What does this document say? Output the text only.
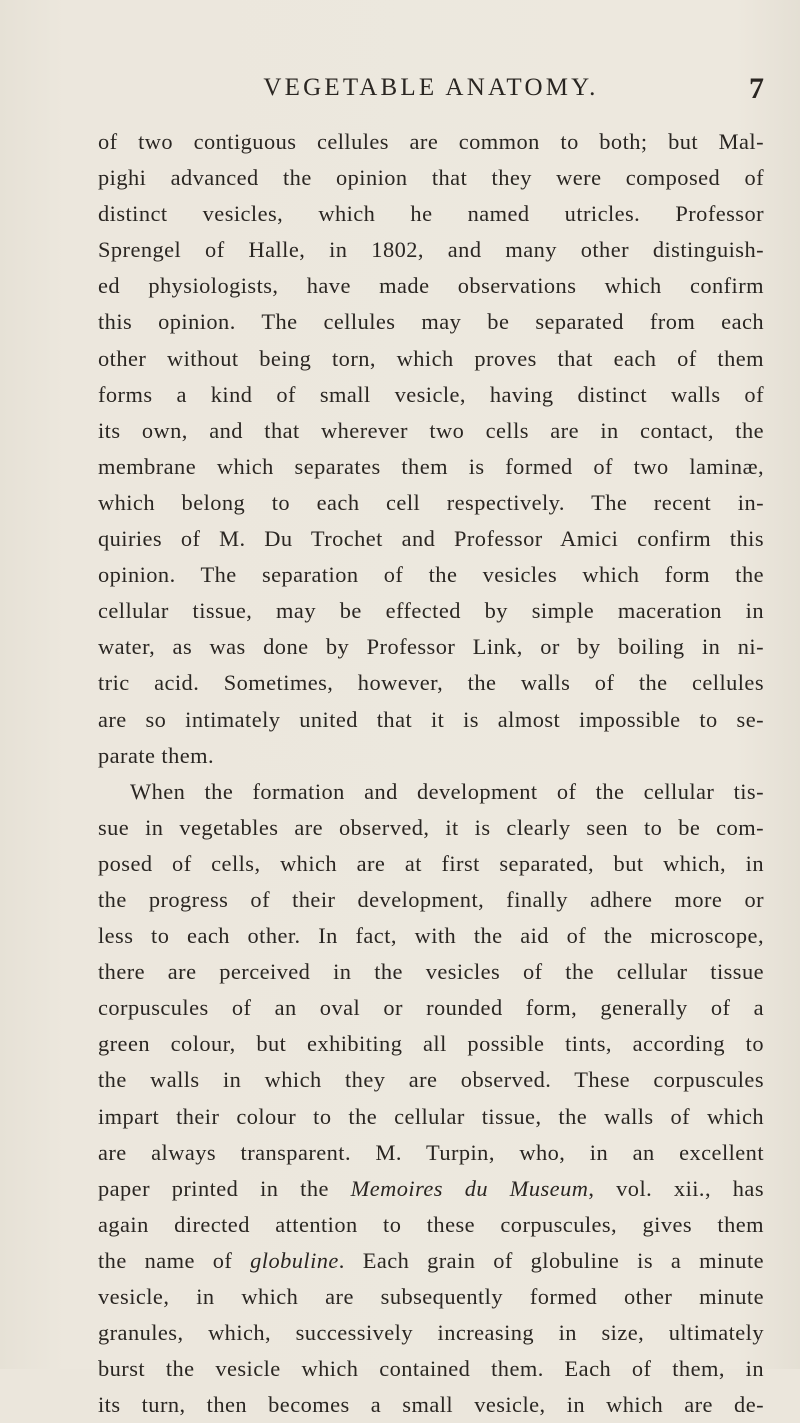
VEGETABLE ANATOMY.	7
of two contiguous cellules are common to both; but Mal-
pighi advanced the opinion that they were composed of
distinct vesicles, which he named utricles. Professor
Sprengel of Halle, in 1802, and many other distinguish-
ed physiologists, have made observations which confirm
this opinion. The cellules may be separated from each
other without being torn, which proves that each of them
forms a kind of small vesicle, having distinct walls of
its own, and that wherever two cells are in contact, the
membrane which separates them is formed of two laminæ,
which belong to each cell respectively. The recent in-
quiries of M. Du Trochet and Professor Amici confirm this
opinion. The separation of the vesicles which form the
cellular tissue, may be effected by simple maceration in
water, as was done by Professor Link, or by boiling in ni-
tric acid. Sometimes, however, the walls of the cellules
are so intimately united that it is almost impossible to se-
parate them.
When the formation and development of the cellular tis-
sue in vegetables are observed, it is clearly seen to be com-
posed of cells, which are at first separated, but which, in
the progress of their development, finally adhere more or
less to each other. In fact, with the aid of the microscope,
there are perceived in the vesicles of the cellular tissue
corpuscules of an oval or rounded form, generally of a
green colour, but exhibiting all possible tints, according to
the walls in which they are observed. These corpuscules
impart their colour to the cellular tissue, the walls of which
are always transparent. M. Turpin, who, in an excellent
paper printed in the Memoires du Museum, vol. xii., has
again directed attention to these corpuscules, gives them
the name of globuline. Each grain of globuline is a minute
vesicle, in which are subsequently formed other minute
granules, which, successively increasing in size, ultimately
burst the vesicle which contained them. Each of them, in
its turn, then becomes a small vesicle, in which are de-
